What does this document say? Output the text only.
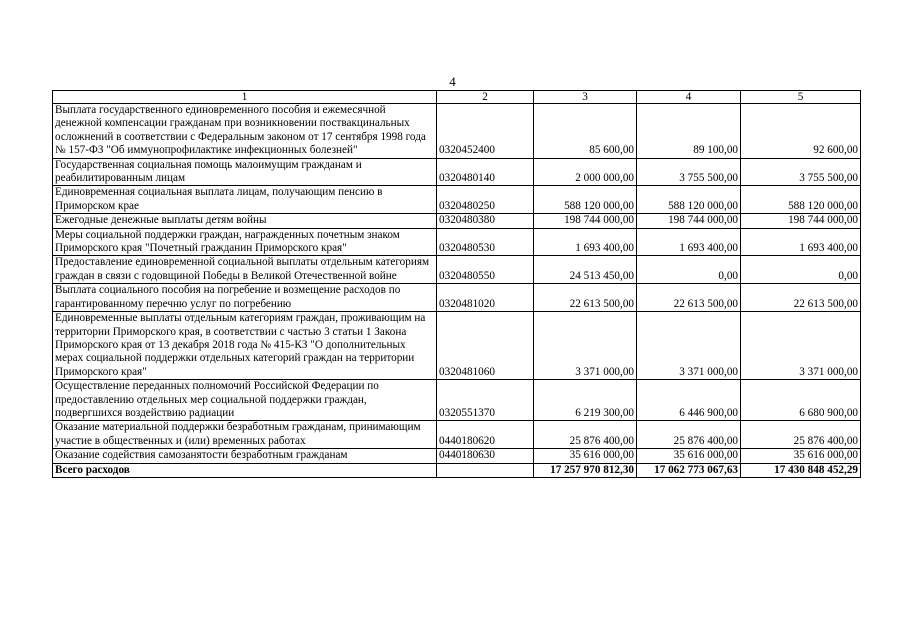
4
1	2	3	4	5
Выплата государственного единовременного пособия и ежемесячной денежной компенсации гражданам при возникновении поствакцинальных осложнений в соответствии с Федеральным законом от 17 сентября 1998 года № 157-ФЗ "Об иммунопрофилактике инфекционных болезней"	0320452400	85 600,00	89 100,00	92 600,00
Государственная социальная помощь малоимущим гражданам и реабилитированным лицам	0320480140	2 000 000,00	3 755 500,00	3 755 500,00
Единовременная социальная выплата лицам, получающим пенсию в Приморском крае	0320480250	588 120 000,00	588 120 000,00	588 120 000,00
Ежегодные денежные выплаты детям войны	0320480380	198 744 000,00	198 744 000,00	198 744 000,00
Меры социальной поддержки граждан, награжденных почетным знаком Приморского края "Почетный гражданин Приморского края"	0320480530	1 693 400,00	1 693 400,00	1 693 400,00
Предоставление единовременной социальной выплаты отдельным категориям граждан в связи с годовщиной Победы в Великой Отечественной войне	0320480550	24 513 450,00	0,00	0,00
Выплата социального пособия на погребение и возмещение расходов по гарантированному перечню услуг по погребению	0320481020	22 613 500,00	22 613 500,00	22 613 500,00
Единовременные выплаты отдельным категориям граждан, проживающим на территории Приморского края, в соответствии с частью 3 статьи 1 Закона Приморского края от 13 декабря 2018 года № 415-КЗ "О дополнительных мерах социальной поддержки отдельных категорий граждан на территории Приморского края"	0320481060	3 371 000,00	3 371 000,00	3 371 000,00
Осуществление переданных полномочий Российской Федерации по предоставлению отдельных мер социальной поддержки граждан, подвергшихся воздействию радиации	0320551370	6 219 300,00	6 446 900,00	6 680 900,00
Оказание материальной поддержки безработным гражданам, принимающим участие в общественных и (или) временных работах	0440180620	25 876 400,00	25 876 400,00	25 876 400,00
Оказание содействия самозанятости безработным гражданам	0440180630	35 616 000,00	35 616 000,00	35 616 000,00
Всего расходов		17 257 970 812,30	17 062 773 067,63	17 430 848 452,29
